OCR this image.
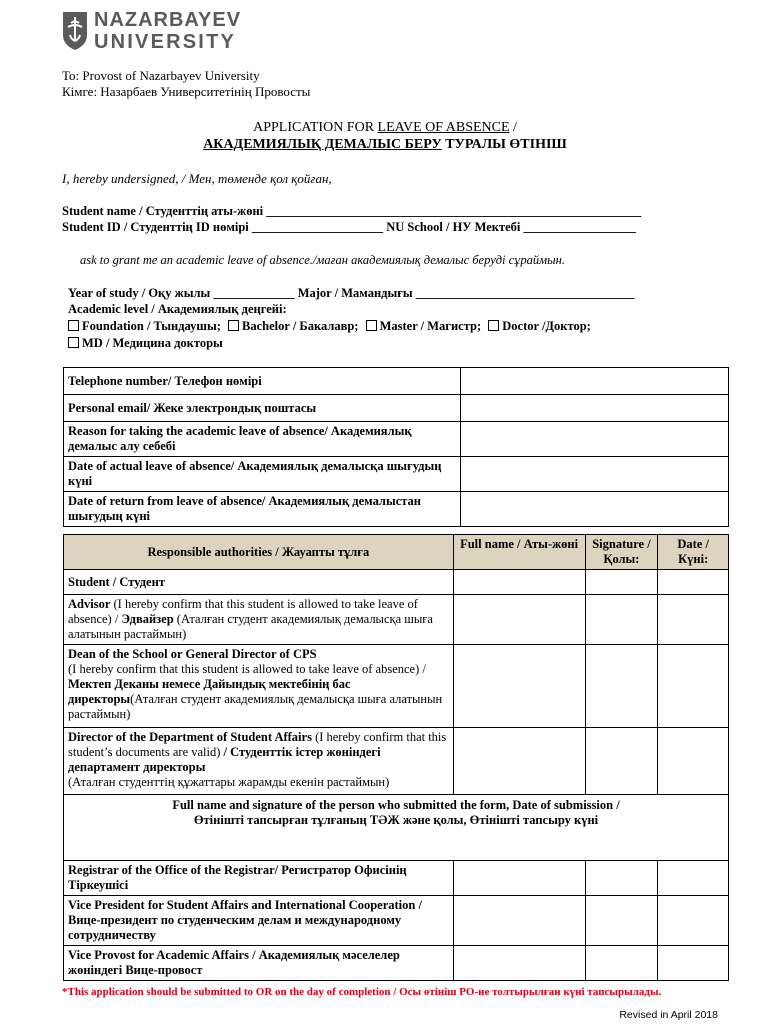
NAZARBAYEV
UNIVERSITY
To: Provost of Nazarbayev University
Кімге: Назарбаев Университетінің Провосты
APPLICATION FOR LEAVE OF ABSENCE /
АКАДЕМИЯЛЫҚ ДЕМАЛЫС БЕРУ ТУРАЛЫ ӨТІНІШ
I, hereby undersigned, / Мен, төменде қол қойған,
Student name / Студенттің аты-жөні ____________________________________________________________
Student ID / Студенттің ID нөмірі _____________________ NU School / НУ Мектебі __________________
ask to grant me an academic leave of absence./маған академиялық демалыс беруді сұраймын.
Year of study / Оқу жылы _____________ Major / Мамандығы ___________________________________
Academic level / Академиялық деңгейі:
Foundation / Тындаушы; Bachelor / Бакалавр; Master / Магистр; Doctor /Доктор;
MD / Медицина докторы
Telephone number/ Телефон нөмірі	
Personal email/ Жеке электрондық поштасы	
Reason for taking the academic leave of absence/ Академиялық демалыс алу себебі	
Date of actual leave of absence/ Академиялық демалысқа шығудың күні	
Date of return from leave of absence/ Академиялық демалыстан шығудың күні	
Responsible authorities / Жауапты тұлға	Full name / Аты-жөні	Signature / Қолы:	Date / Күні:
Student / Студент			
Advisor (I hereby confirm that this student is allowed to take leave of absence) / Эдвайзер (Аталған студент академиялық демалысқа шыға алатынын растаймын)			
Dean of the School or General Director of CPS
(I hereby confirm that this student is allowed to take leave of absence) / Мектеп Деканы немесе Дайындық мектебінің бас директоры(Аталған студент академиялық демалысқа шыға алатынын растаймын)			
Director of the Department of Student Affairs (I hereby confirm that this student’s documents are valid) / Студенттік істер жөніндегі департамент директоры
(Аталған студенттің құжаттары жарамды екенін растаймын)			

Full name and signature of the person who submitted the form, Date of submission /
Өтінішті тапсырған тұлғаның ТӘЖ және қолы, Өтінішті тапсыру күні			

Registrar of the Office of the Registrar/ Регистратор Офисінің Тіркеушісі			
Vice President for Student Affairs and International Cooperation / Вице-президент по студенческим делам и международному сотрудничеству			
Vice Provost for Academic Affairs / Академиялық мәселелер жөніндегі Вице-провост			
*This application should be submitted to OR on the day of completion / Осы өтініш РО-не толтырылған күні тапсырылады.
Revised in April 2018
